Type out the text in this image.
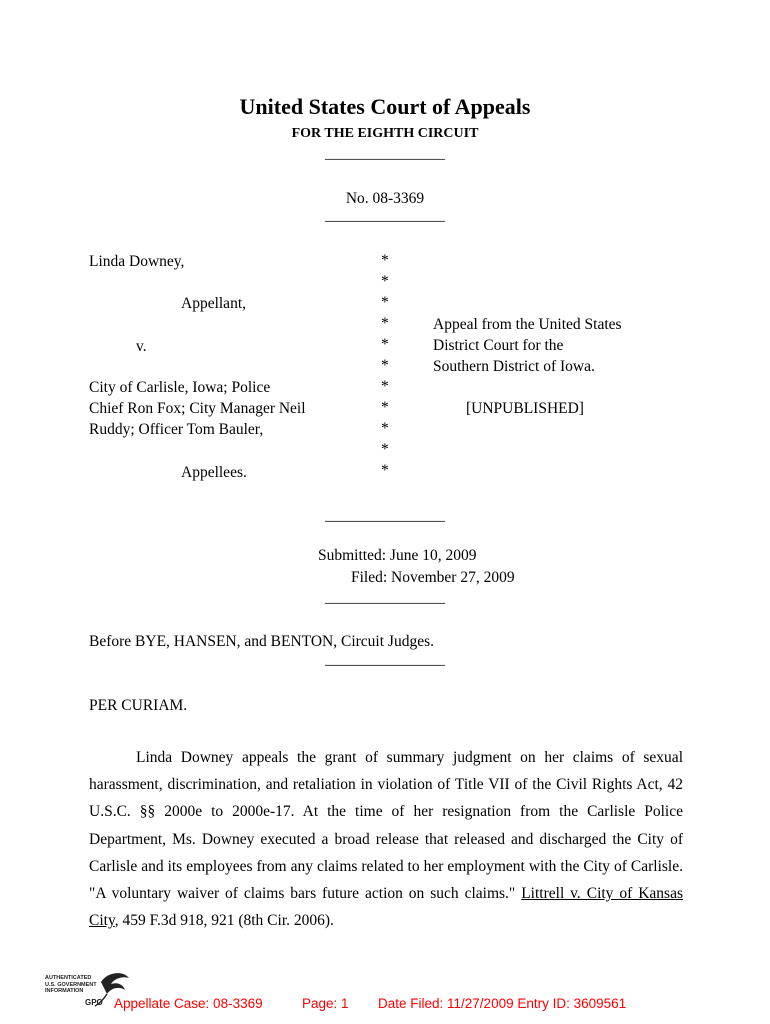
United States Court of Appeals
FOR THE EIGHTH CIRCUIT
________________
No. 08-3369
________________
Linda Downey,
Appellant,
v.
City of Carlisle, Iowa; Police
Chief Ron Fox; City Manager Neil
Ruddy; Officer Tom Bauler,
Appellees.
*
*
*
*
*
*
*
*
*
*
*
Appeal from the United States
District Court for the
Southern District of Iowa.
[UNPUBLISHED]
________________
Submitted: June 10, 2009
Filed: November 27, 2009
________________
Before BYE, HANSEN, and BENTON, Circuit Judges.
________________
PER CURIAM.
Linda Downey appeals the grant of summary judgment on her claims of sexual harassment, discrimination, and retaliation in violation of Title VII of the Civil Rights Act, 42 U.S.C. §§ 2000e to 2000e-17. At the time of her resignation from the Carlisle Police Department, Ms. Downey executed a broad release that released and discharged the City of Carlisle and its employees from any claims related to her employment with the City of Carlisle. "A voluntary waiver of claims bars future action on such claims." Littrell v. City of Kansas City, 459 F.3d 918, 921 (8th Cir. 2006).
AUTHENTICATED
U.S. GOVERNMENT
INFORMATION
GPO Appellate Case: 08-3369	Page: 1 Date Filed: 11/27/2009 Entry ID: 3609561
